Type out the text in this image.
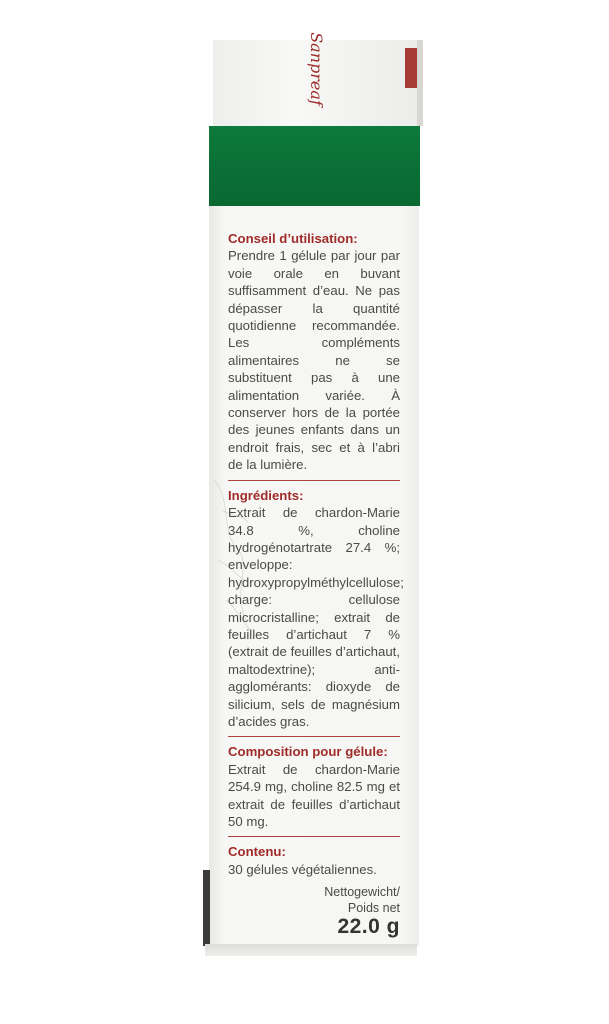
Sanpreaf
Conseil d’utilisation:
Prendre 1 gélule par jour par voie orale en buvant suffisamment d’eau. Ne pas dépasser la quantité quotidienne recommandée. Les compléments alimentaires ne se substituent pas à une alimentation variée. À conserver hors de la portée des jeunes enfants dans un endroit frais, sec et à l’abri de la lumière.
Ingrédients:
Extrait de chardon-Marie 34.8 %, choline hydrogénotartrate 27.4 %; enveloppe: hydroxypropylméthylcellulose; charge: cellulose microcristalline; extrait de feuilles d’artichaut 7 % (extrait de feuilles d’artichaut, maltodextrine); anti-agglomérants: dioxyde de silicium, sels de magnésium d’acides gras.
Composition pour gélule:
Extrait de chardon-Marie 254.9 mg, choline 82.5 mg et extrait de feuilles d’artichaut 50 mg.
Contenu:
30 gélules végétaliennes.
Nettogewicht/
Poids net
22.0 g
